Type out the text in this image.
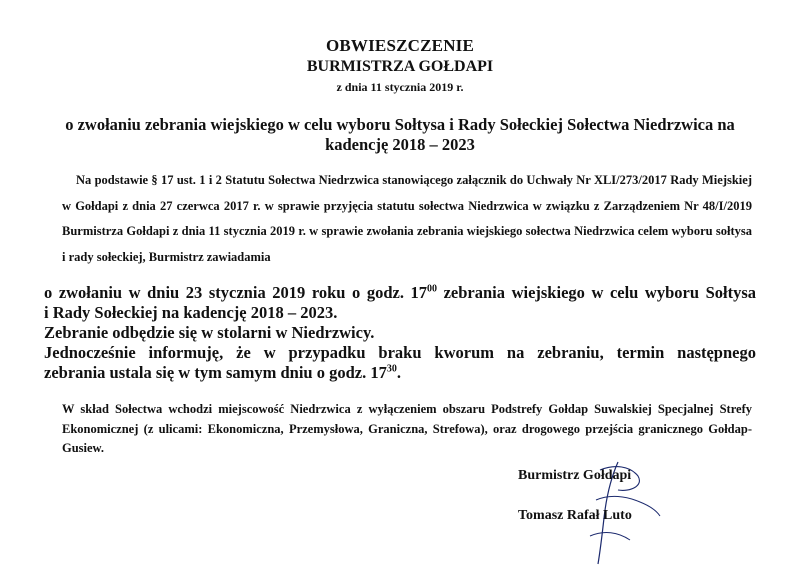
OBWIESZCZENIE
BURMISTRZA GOŁDAPI
z dnia 11 stycznia 2019 r.
o zwołaniu zebrania wiejskiego w celu wyboru Sołtysa i Rady Sołeckiej Sołectwa Niedrzwica na
kadencję 2018 – 2023
Na podstawie § 17 ust. 1 i 2 Statutu Sołectwa Niedrzwica stanowiącego załącznik do Uchwały Nr XLI/273/2017 Rady Miejskiej w Gołdapi z dnia 27 czerwca 2017 r. w sprawie przyjęcia statutu sołectwa Niedrzwica w związku z Zarządzeniem Nr 48/I/2019 Burmistrza Gołdapi z dnia 11 stycznia 2019 r. w sprawie zwołania zebrania wiejskiego sołectwa Niedrzwica celem wyboru sołtysa i rady sołeckiej, Burmistrz zawiadamia
o zwołaniu w dniu 23 stycznia 2019 roku o godz. $17^{00}$ zebrania wiejskiego w celu wyboru Sołtysa
i Rady Sołeckiej na kadencję 2018 – 2023.
Zebranie odbędzie się w stolarni w Niedrzwicy.
Jednocześnie informuję, że w przypadku braku kworum na zebraniu, termin następnego
zebrania ustala się w tym samym dniu o godz. $17^{30}$.
W skład Sołectwa wchodzi miejscowość Niedrzwica z wyłączeniem obszaru Podstrefy Gołdap Suwalskiej Specjalnej Strefy Ekonomicznej (z ulicami: Ekonomiczna, Przemysłowa, Graniczna, Strefowa), oraz drogowego przejścia granicznego Gołdap-Gusiew.
Burmistrz Gołdapi
Tomasz Rafał Luto
